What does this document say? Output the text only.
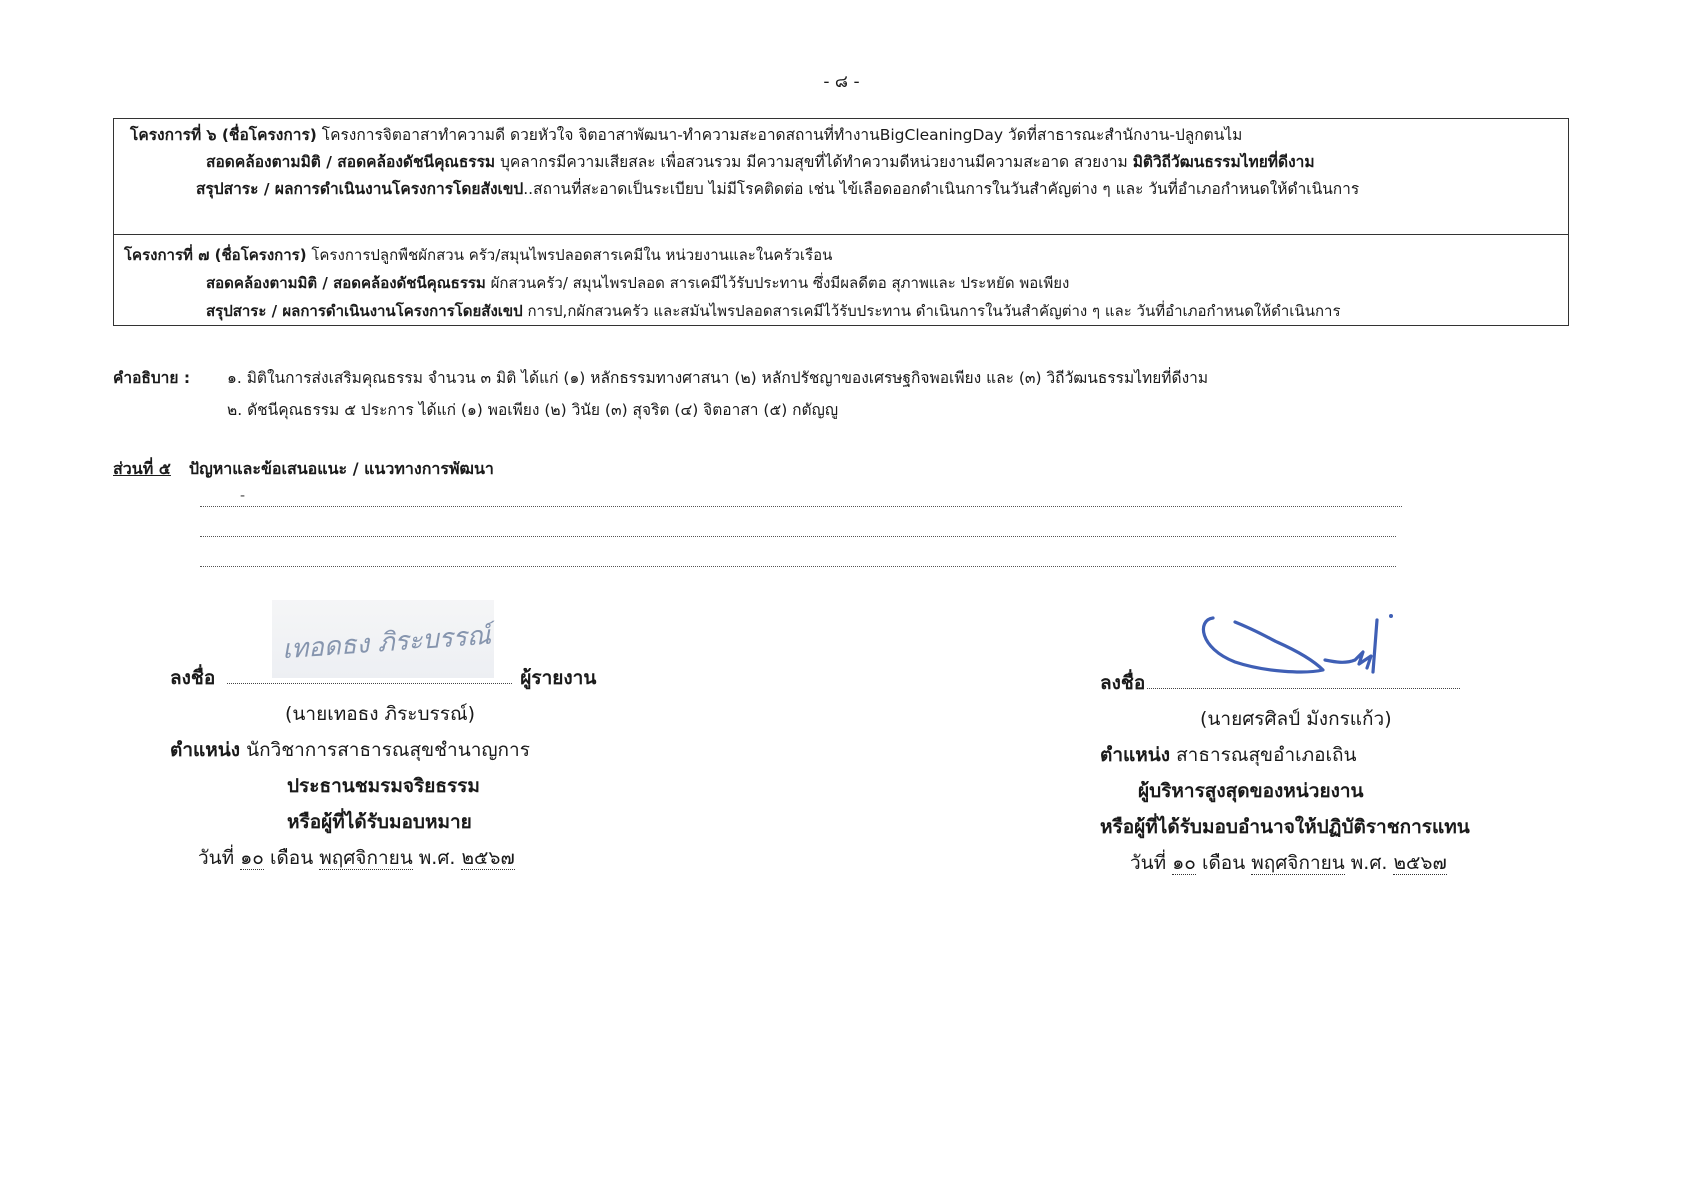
- ๘ -
โครงการที่ ๖ (ชื่อโครงการ) โครงการจิตอาสาทำความดี ดวยหัวใจ จิตอาสาพัฒนา-ทำความสะอาดสถานที่ทำงานBigCleaningDay วัดที่สาธารณะสำนักงาน-ปลูกตนไม
สอดคล้องตามมิติ / สอดคล้องดัชนีคุณธรรม บุคลากรมีความเสียสละ เพื่อสวนรวม มีความสุขที่ได้ทำความดีหน่วยงานมีความสะอาด สวยงาม มิติวิถีวัฒนธรรมไทยที่ดีงาม
สรุปสาระ / ผลการดำเนินงานโครงการโดยสังเขป..สถานที่สะอาดเป็นระเบียบ ไม่มีโรคติดต่อ เช่น ไข้เลือดออกดำเนินการในวันสำคัญต่าง ๆ และ วันที่อำเภอกำหนดให้ดำเนินการ
โครงการที่ ๗ (ชื่อโครงการ) โครงการปลูกพืชผักสวน ครัว/สมุนไพรปลอดสารเคมีใน หน่วยงานและในครัวเรือน
สอดคล้องตามมิติ / สอดคล้องดัชนีคุณธรรม ผักสวนครัว/ สมุนไพรปลอด สารเคมีไว้รับประทาน ซึ่งมีผลดีตอ สุภาพและ ประหยัด พอเพียง
สรุปสาระ / ผลการดำเนินงานโครงการโดยสังเขป การป,กผักสวนครัว และสมันไพรปลอดสารเคมีไว้รับประทาน ดำเนินการในวันสำคัญต่าง ๆ และ วันที่อำเภอกำหนดให้ดำเนินการ
คำอธิบาย : ๑. มิติในการส่งเสริมคุณธรรม จำนวน ๓ มิติ ได้แก่ (๑) หลักธรรมทางศาสนา (๒) หลักปรัชญาของเศรษฐกิจพอเพียง และ (๓) วิถีวัฒนธรรมไทยที่ดีงาม
๒. ดัชนีคุณธรรม ๕ ประการ ได้แก่ (๑) พอเพียง (๒) วินัย (๓) สุจริต (๔) จิตอาสา (๕) กตัญญู
ส่วนที่ ๕ ปัญหาและข้อเสนอแนะ / แนวทางการพัฒนา
-
เทอดธง ภิระบรรณ์
ลงชื่อ	ผู้รายงาน
(นายเทอธง ภิระบรรณ์)
ตำแหน่ง นักวิชาการสาธารณสุขชำนาญการ
ประธานชมรมจริยธรรม
หรือผู้ที่ได้รับมอบหมาย
วันที่ ๑๐ เดือน พฤศจิกายน พ.ศ. ๒๕๖๗
ลงชื่อ
(นายศรศิลป์ มังกรแก้ว)
ตำแหน่ง สาธารณสุขอำเภอเถิน
ผู้บริหารสูงสุดของหน่วยงาน
หรือผู้ที่ได้รับมอบอำนาจให้ปฏิบัติราชการแทน
วันที่ ๑๐ เดือน พฤศจิกายน พ.ศ. ๒๕๖๗
